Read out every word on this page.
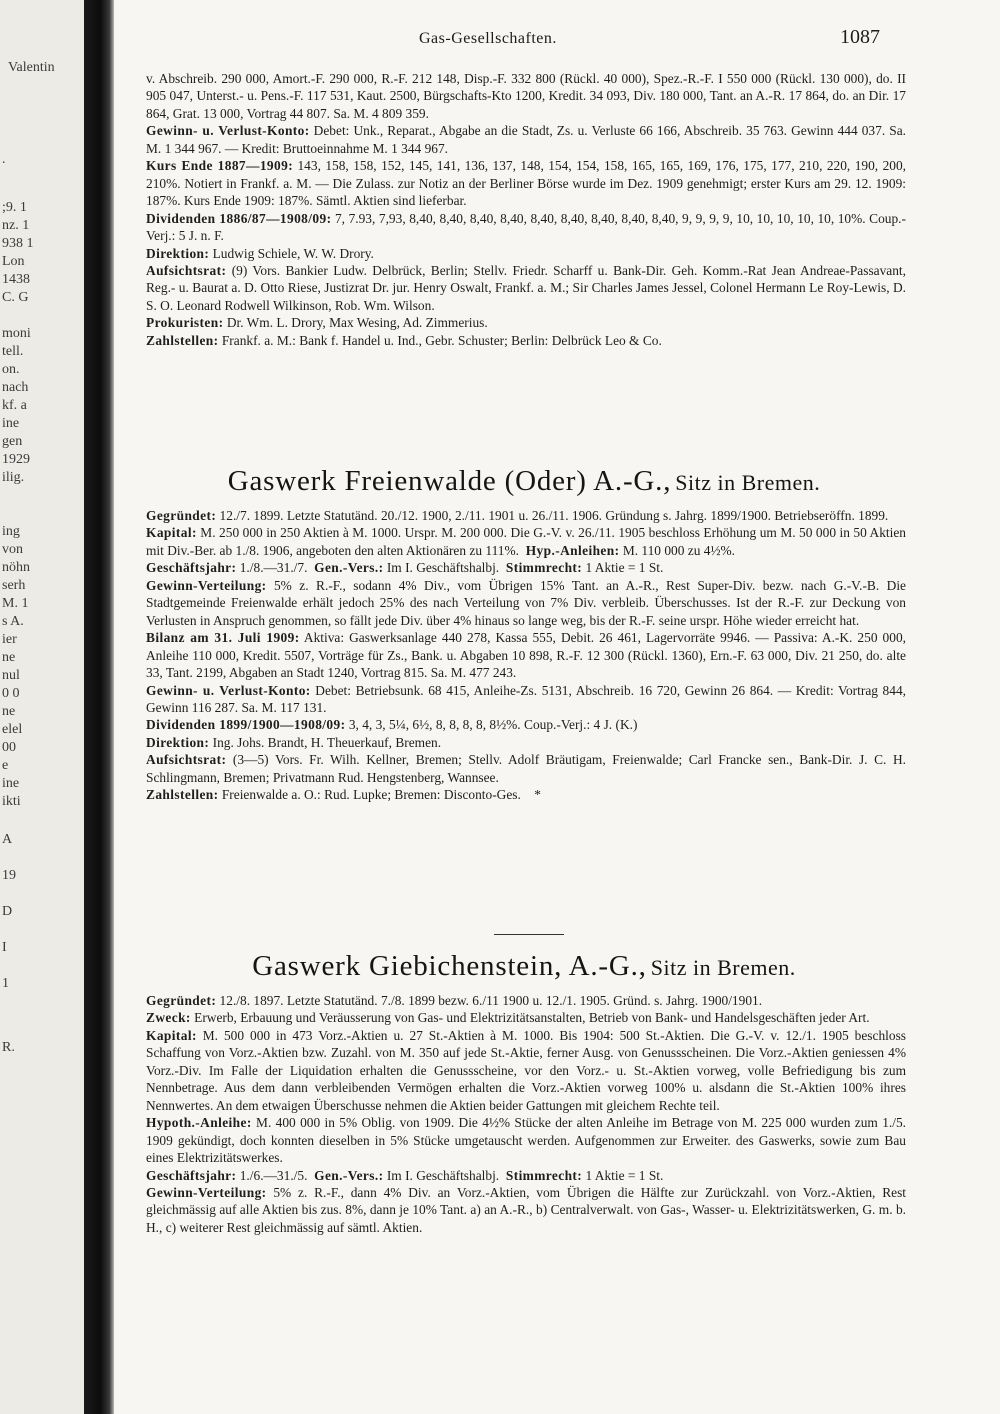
Valentin
.
;9. 1
nz. 1
938 1
Lon
1438
C. G
moni
tell.
on.
nach
kf. a
ine
gen
1929
ilig.
ing
von
nöhn
serh
M. 1
s A.
ier
ne
nul
0 0
ne
elel
00
e
ine
ikti
A
19
D
I
1
R.
Gas-Gesellschaften.	1087

v. Abschreib. 290 000, Amort.-F. 290 000, R.-F. 212 148, Disp.-F. 332 800 (Rückl. 40 000), Spez.-R.-F. I 550 000 (Rückl. 130 000), do. II 905 047, Unterst.- u. Pens.-F. 117 531, Kaut. 2500, Bürgschafts-Kto 1200, Kredit. 34 093, Div. 180 000, Tant. an A.-R. 17 864, do. an Dir. 17 864, Grat. 13 000, Vortrag 44 807. Sa. M. 4 809 359.

Gewinn- u. Verlust-Konto: Debet: Unk., Reparat., Abgabe an die Stadt, Zs. u. Verluste 66 166, Abschreib. 35 763. Gewinn 444 037. Sa. M. 1 344 967. — Kredit: Bruttoeinnahme M. 1 344 967.

Kurs Ende 1887—1909: 143, 158, 158, 152, 145, 141, 136, 137, 148, 154, 154, 158, 165, 165, 169, 176, 175, 177, 210, 220, 190, 200, 210%. Notiert in Frankf. a. M. — Die Zulass. zur Notiz an der Berliner Börse wurde im Dez. 1909 genehmigt; erster Kurs am 29. 12. 1909: 187%. Kurs Ende 1909: 187%. Sämtl. Aktien sind lieferbar.

Dividenden 1886/87—1908/09: 7, 7.93, 7,93, 8,40, 8,40, 8,40, 8,40, 8,40, 8,40, 8,40, 8,40, 8,40, 9, 9, 9, 9, 10, 10, 10, 10, 10, 10%. Coup.-Verj.: 5 J. n. F.

Direktion: Ludwig Schiele, W. W. Drory.

Aufsichtsrat: (9) Vors. Bankier Ludw. Delbrück, Berlin; Stellv. Friedr. Scharff u. Bank-Dir. Geh. Komm.-Rat Jean Andreae-Passavant, Reg.- u. Baurat a. D. Otto Riese, Justizrat Dr. jur. Henry Oswalt, Frankf. a. M.; Sir Charles James Jessel, Colonel Hermann Le Roy-Lewis, D. S. O. Leonard Rodwell Wilkinson, Rob. Wm. Wilson.

Prokuristen: Dr. Wm. L. Drory, Max Wesing, Ad. Zimmerius.

Zahlstellen: Frankf. a. M.: Bank f. Handel u. Ind., Gebr. Schuster; Berlin: Delbrück Leo & Co.

Gaswerk Freienwalde (Oder) A.-G., Sitz in Bremen.

Gegründet: 12./7. 1899. Letzte Statutänd. 20./12. 1900, 2./11. 1901 u. 26./11. 1906. Gründung s. Jahrg. 1899/1900. Betriebseröffn. 1899.

Kapital: M. 250 000 in 250 Aktien à M. 1000. Urspr. M. 200 000. Die G.-V. v. 26./11. 1905 beschloss Erhöhung um M. 50 000 in 50 Aktien mit Div.-Ber. ab 1./8. 1906, angeboten den alten Aktionären zu 111%. Hyp.-Anleihen: M. 110 000 zu 4½%.

Geschäftsjahr: 1./8.—31./7. Gen.-Vers.: Im I. Geschäftshalbj. Stimmrecht: 1 Aktie = 1 St.

Gewinn-Verteilung: 5% z. R.-F., sodann 4% Div., vom Übrigen 15% Tant. an A.-R., Rest Super-Div. bezw. nach G.-V.-B. Die Stadtgemeinde Freienwalde erhält jedoch 25% des nach Verteilung von 7% Div. verbleib. Überschusses. Ist der R.-F. zur Deckung von Verlusten in Anspruch genommen, so fällt jede Div. über 4% hinaus so lange weg, bis der R.-F. seine urspr. Höhe wieder erreicht hat.

Bilanz am 31. Juli 1909: Aktiva: Gaswerksanlage 440 278, Kassa 555, Debit. 26 461, Lagervorräte 9946. — Passiva: A.-K. 250 000, Anleihe 110 000, Kredit. 5507, Vorträge für Zs., Bank. u. Abgaben 10 898, R.-F. 12 300 (Rückl. 1360), Ern.-F. 63 000, Div. 21 250, do. alte 33, Tant. 2199, Abgaben an Stadt 1240, Vortrag 815. Sa. M. 477 243.

Gewinn- u. Verlust-Konto: Debet: Betriebsunk. 68 415, Anleihe-Zs. 5131, Abschreib. 16 720, Gewinn 26 864. — Kredit: Vortrag 844, Gewinn 116 287. Sa. M. 117 131.

Dividenden 1899/1900—1908/09: 3, 4, 3, 5¼, 6½, 8, 8, 8, 8, 8½%. Coup.-Verj.: 4 J. (K.)

Direktion: Ing. Johs. Brandt, H. Theuerkauf, Bremen.

Aufsichtsrat: (3—5) Vors. Fr. Wilh. Kellner, Bremen; Stellv. Adolf Bräutigam, Freienwalde; Carl Francke sen., Bank-Dir. J. C. H. Schlingmann, Bremen; Privatmann Rud. Hengstenberg, Wannsee.

Zahlstellen: Freienwalde a. O.: Rud. Lupke; Bremen: Disconto-Ges. *

Gaswerk Giebichenstein, A.-G., Sitz in Bremen.

Gegründet: 12./8. 1897. Letzte Statutänd. 7./8. 1899 bezw. 6./11 1900 u. 12./1. 1905. Gründ. s. Jahrg. 1900/1901.

Zweck: Erwerb, Erbauung und Veräusserung von Gas- und Elektrizitätsanstalten, Betrieb von Bank- und Handelsgeschäften jeder Art.

Kapital: M. 500 000 in 473 Vorz.-Aktien u. 27 St.-Aktien à M. 1000. Bis 1904: 500 St.-Aktien. Die G.-V. v. 12./1. 1905 beschloss Schaffung von Vorz.-Aktien bzw. Zuzahl. von M. 350 auf jede St.-Aktie, ferner Ausg. von Genussscheinen. Die Vorz.-Aktien geniessen 4% Vorz.-Div. Im Falle der Liquidation erhalten die Genussscheine, vor den Vorz.- u. St.-Aktien vorweg, volle Befriedigung bis zum Nennbetrage. Aus dem dann verbleibenden Vermögen erhalten die Vorz.-Aktien vorweg 100% u. alsdann die St.-Aktien 100% ihres Nennwertes. An dem etwaigen Überschusse nehmen die Aktien beider Gattungen mit gleichem Rechte teil.

Hypoth.-Anleihe: M. 400 000 in 5% Oblig. von 1909. Die 4½% Stücke der alten Anleihe im Betrage von M. 225 000 wurden zum 1./5. 1909 gekündigt, doch konnten dieselben in 5% Stücke umgetauscht werden. Aufgenommen zur Erweiter. des Gaswerks, sowie zum Bau eines Elektrizitätswerkes.

Geschäftsjahr: 1./6.—31./5. Gen.-Vers.: Im I. Geschäftshalbj. Stimmrecht: 1 Aktie = 1 St.

Gewinn-Verteilung: 5% z. R.-F., dann 4% Div. an Vorz.-Aktien, vom Übrigen die Hälfte zur Zurückzahl. von Vorz.-Aktien, Rest gleichmässig auf alle Aktien bis zus. 8%, dann je 10% Tant. a) an A.-R., b) Centralverwalt. von Gas-, Wasser- u. Elektrizitätswerken, G. m. b. H., c) weiterer Rest gleichmässig auf sämtl. Aktien.
